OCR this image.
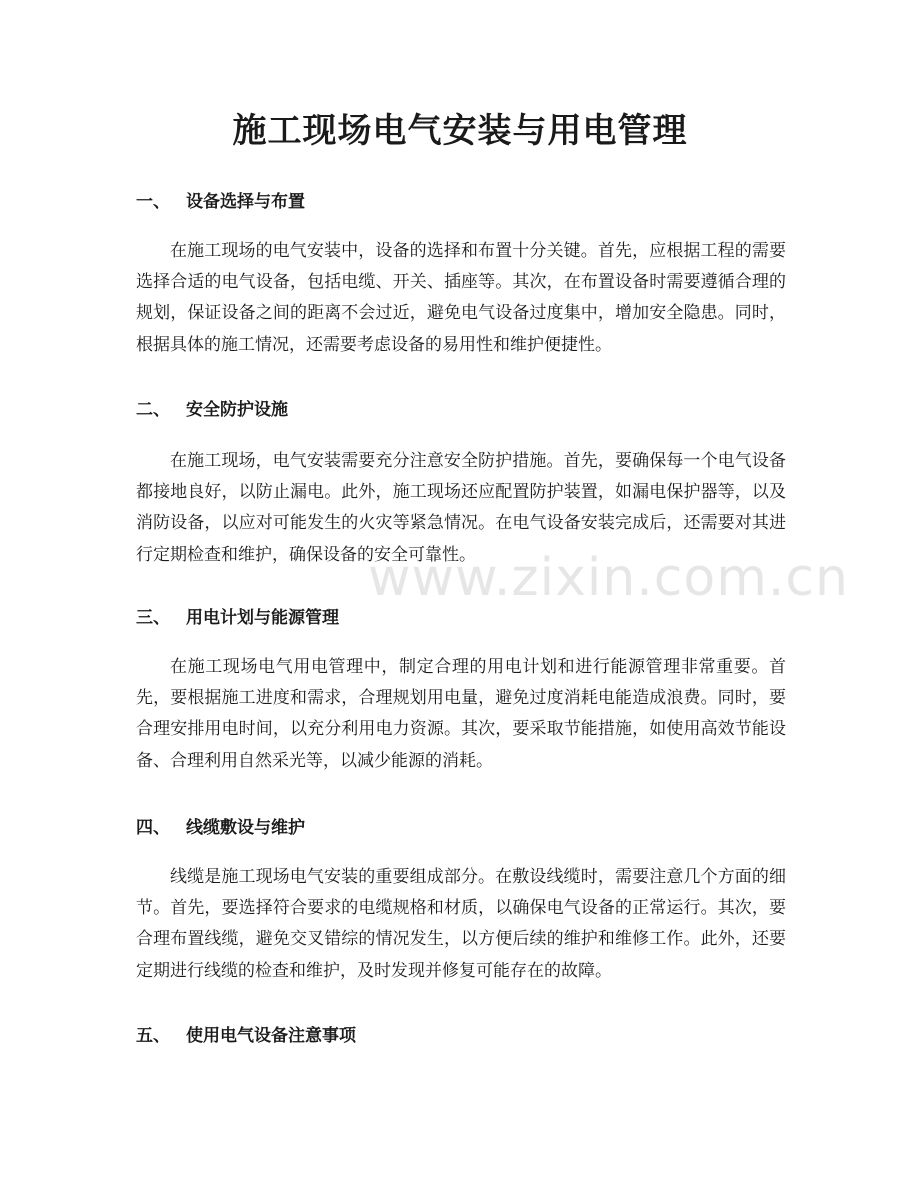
施工现场电气安装与用电管理
一、 设备选择与布置

在施工现场的电气安装中，设备的选择和布置十分关键。首先，应根据工程的需要选择合适的电气设备，包括电缆、开关、插座等。其次，在布置设备时需要遵循合理的规划，保证设备之间的距离不会过近，避免电气设备过度集中，增加安全隐患。同时，根据具体的施工情况，还需要考虑设备的易用性和维护便捷性。

二、 安全防护设施

在施工现场，电气安装需要充分注意安全防护措施。首先，要确保每一个电气设备都接地良好，以防止漏电。此外，施工现场还应配置防护装置，如漏电保护器等，以及消防设备，以应对可能发生的火灾等紧急情况。在电气设备安装完成后，还需要对其进行定期检查和维护，确保设备的安全可靠性。

三、 用电计划与能源管理

在施工现场电气用电管理中，制定合理的用电计划和进行能源管理非常重要。首先，要根据施工进度和需求，合理规划用电量，避免过度消耗电能造成浪费。同时，要合理安排用电时间，以充分利用电力资源。其次，要采取节能措施，如使用高效节能设备、合理利用自然采光等，以减少能源的消耗。

四、 线缆敷设与维护

线缆是施工现场电气安装的重要组成部分。在敷设线缆时，需要注意几个方面的细节。首先，要选择符合要求的电缆规格和材质，以确保电气设备的正常运行。其次，要合理布置线缆，避免交叉错综的情况发生，以方便后续的维护和维修工作。此外，还要定期进行线缆的检查和维护，及时发现并修复可能存在的故障。

五、 使用电气设备注意事项
www.zixin.com.cn
